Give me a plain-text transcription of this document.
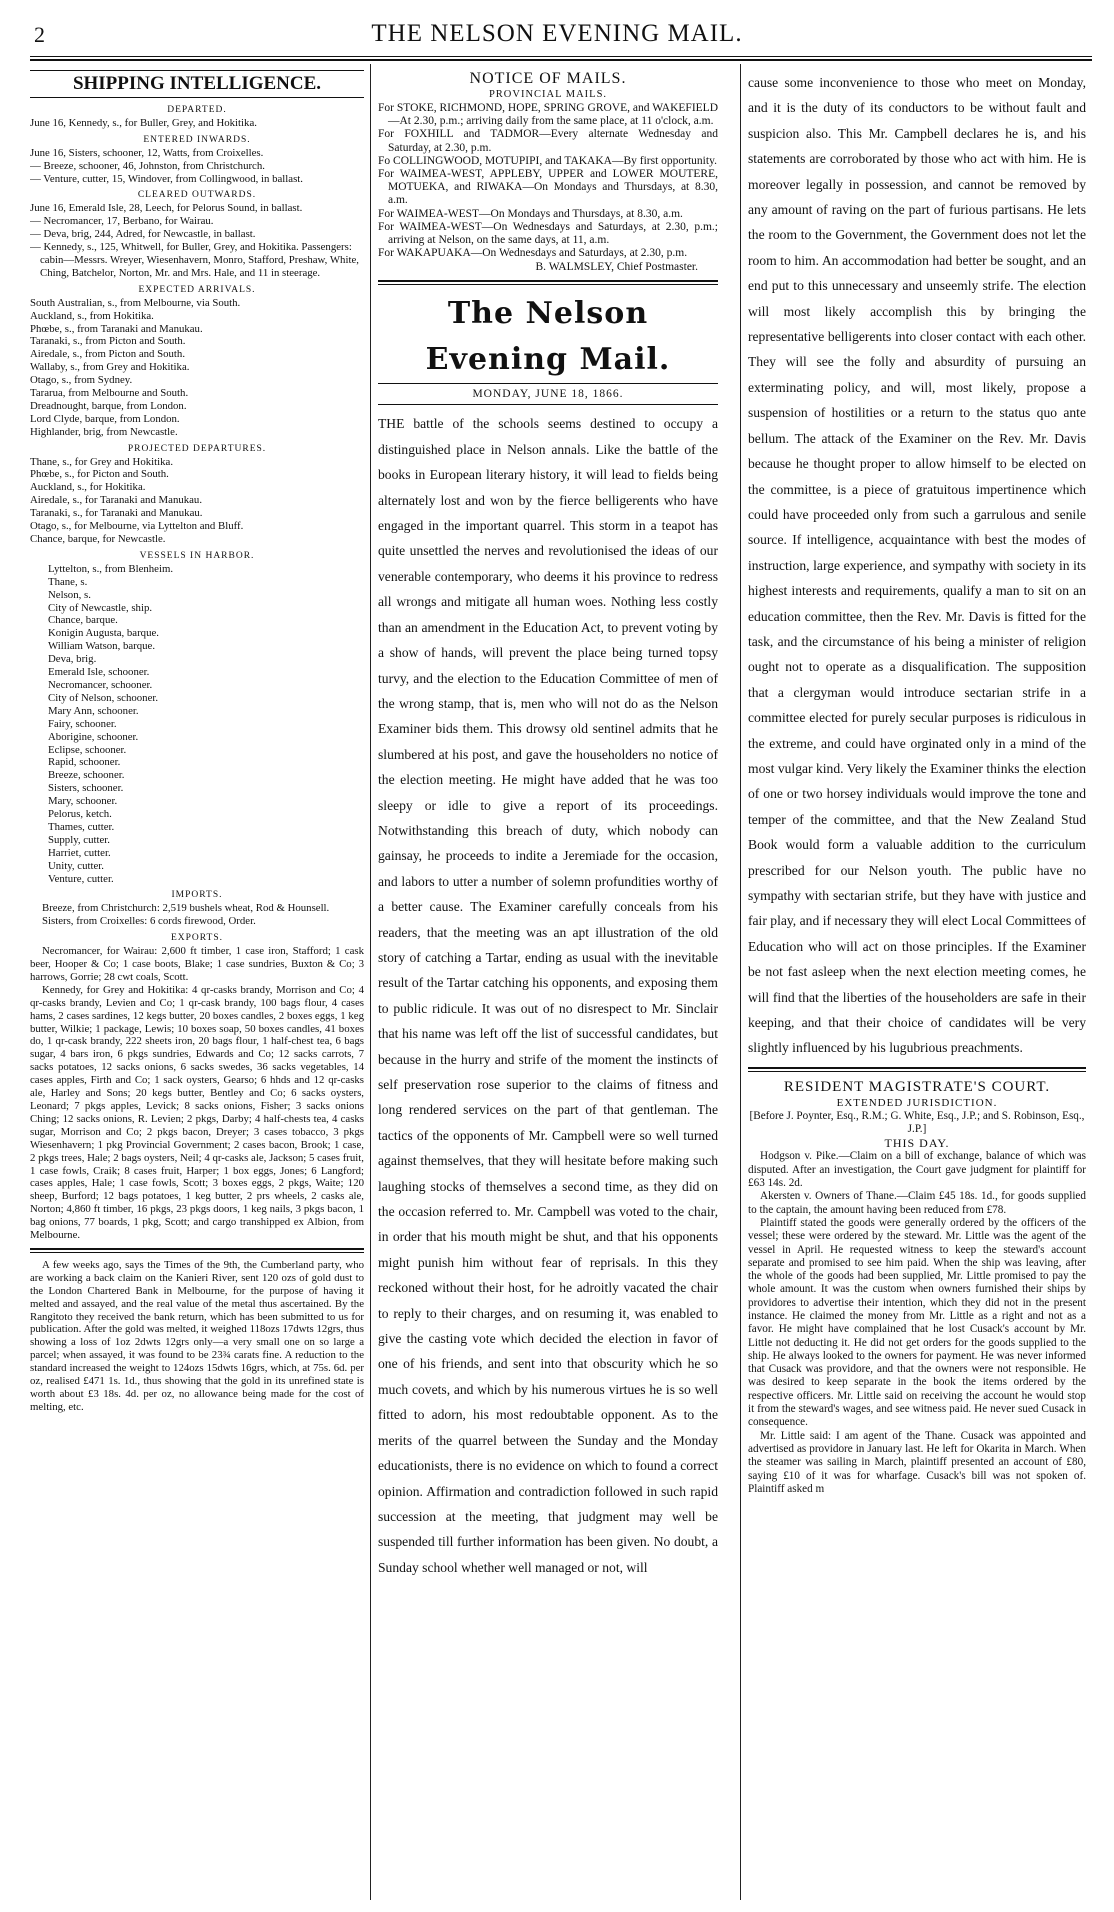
2	THE NELSON EVENING MAIL.
SHIPPING INTELLIGENCE.
DEPARTED.
June 16, Kennedy, s., for Buller, Grey, and Hokitika.
ENTERED INWARDS.
June 16, Sisters, schooner, 12, Watts, from Croixelles.
— Breeze, schooner, 46, Johnston, from Christchurch.
— Venture, cutter, 15, Windover, from Collingwood, in ballast.
CLEARED OUTWARDS.
June 16, Emerald Isle, 28, Leech, for Pelorus Sound, in ballast.
— Necromancer, 17, Berbano, for Wairau.
— Deva, brig, 244, Adred, for Newcastle, in ballast.
— Kennedy, s., 125, Whitwell, for Buller, Grey, and Hokitika. Passengers: cabin—Messrs. Wreyer, Wiesenhavern, Monro, Stafford, Preshaw, White, Ching, Batchelor, Norton, Mr. and Mrs. Hale, and 11 in steerage.
EXPECTED ARRIVALS.
South Australian, s., from Melbourne, via South.
Auckland, s., from Hokitika.
Phœbe, s., from Taranaki and Manukau.
Taranaki, s., from Picton and South.
Airedale, s., from Picton and South.
Wallaby, s., from Grey and Hokitika.
Otago, s., from Sydney.
Tararua, from Melbourne and South.
Dreadnought, barque, from London.
Lord Clyde, barque, from London.
Highlander, brig, from Newcastle.
PROJECTED DEPARTURES.
Thane, s., for Grey and Hokitika.
Phœbe, s., for Picton and South.
Auckland, s., for Hokitika.
Airedale, s., for Taranaki and Manukau.
Taranaki, s., for Taranaki and Manukau.
Otago, s., for Melbourne, via Lyttelton and Bluff.
Chance, barque, for Newcastle.
VESSELS IN HARBOR.
Lyttelton, s., from Blenheim.
Thane, s.
Nelson, s.
City of Newcastle, ship.
Chance, barque.
Konigin Augusta, barque.
William Watson, barque.
Deva, brig.
Emerald Isle, schooner.
Necromancer, schooner.
City of Nelson, schooner.
Mary Ann, schooner.
Fairy, schooner.
Aborigine, schooner.
Eclipse, schooner.
Rapid, schooner.
Breeze, schooner.
Sisters, schooner.
Mary, schooner.
Pelorus, ketch.
Thames, cutter.
Supply, cutter.
Harriet, cutter.
Unity, cutter.
Venture, cutter.
IMPORTS.
Breeze, from Christchurch: 2,519 bushels wheat, Rod & Hounsell.
Sisters, from Croixelles: 6 cords firewood, Order.
EXPORTS.
Necromancer, for Wairau: 2,600 ft timber, 1 case iron, Stafford; 1 cask beer, Hooper & Co; 1 case boots, Blake; 1 case sundries, Buxton & Co; 3 harrows, Gorrie; 28 cwt coals, Scott.
Kennedy, for Grey and Hokitika: 4 qr-casks brandy, Morrison and Co; 4 qr-casks brandy, Levien and Co; 1 qr-cask brandy, 100 bags flour, 4 cases hams, 2 cases sardines, 12 kegs butter, 20 boxes candles, 2 boxes eggs, 1 keg butter, Wilkie; 1 package, Lewis; 10 boxes soap, 50 boxes candles, 41 boxes do, 1 qr-cask brandy, 222 sheets iron, 20 bags flour, 1 half-chest tea, 6 bags sugar, 4 bars iron, 6 pkgs sundries, Edwards and Co; 12 sacks carrots, 7 sacks potatoes, 12 sacks onions, 6 sacks swedes, 36 sacks vegetables, 14 cases apples, Firth and Co; 1 sack oysters, Gearso; 6 hhds and 12 qr-casks ale, Harley and Sons; 20 kegs butter, Bentley and Co; 6 sacks oysters, Leonard; 7 pkgs apples, Levick; 8 sacks onions, Fisher; 3 sacks onions Ching; 12 sacks onions, R. Levien; 2 pkgs, Darby; 4 half-chests tea, 4 casks sugar, Morrison and Co; 2 pkgs bacon, Dreyer; 3 cases tobacco, 3 pkgs Wiesenhavern; 1 pkg Provincial Government; 2 cases bacon, Brook; 1 case, 2 pkgs trees, Hale; 2 bags oysters, Neil; 4 qr-casks ale, Jackson; 5 cases fruit, 1 case fowls, Craik; 8 cases fruit, Harper; 1 box eggs, Jones; 6 Langford; cases apples, Hale; 1 case fowls, Scott; 3 boxes eggs, 2 pkgs, Waite; 120 sheep, Burford; 12 bags potatoes, 1 keg butter, 2 prs wheels, 2 casks ale, Norton; 4,860 ft timber, 16 pkgs, 23 pkgs doors, 1 keg nails, 3 pkgs bacon, 1 bag onions, 77 boards, 1 pkg, Scott; and cargo transhipped ex Albion, from Melbourne.

A few weeks ago, says the Times of the 9th, the Cumberland party, who are working a back claim on the Kanieri River, sent 120 ozs of gold dust to the London Chartered Bank in Melbourne, for the purpose of having it melted and assayed, and the real value of the metal thus ascertained. By the Rangitoto they received the bank return, which has been submitted to us for publication. After the gold was melted, it weighed 118ozs 17dwts 12grs, thus showing a loss of 1oz 2dwts 12grs only—a very small one on so large a parcel; when assayed, it was found to be 23¾ carats fine. A reduction to the standard increased the weight to 124ozs 15dwts 16grs, which, at 75s. 6d. per oz, realised £471 1s. 1d., thus showing that the gold in its unrefined state is worth about £3 18s. 4d. per oz, no allowance being made for the cost of melting, etc.

NOTICE OF MAILS.
PROVINCIAL MAILS.
For STOKE, RICHMOND, HOPE, SPRING GROVE, and WAKEFIELD—At 2.30, p.m.; arriving daily from the same place, at 11 o'clock, a.m.
For FOXHILL and TADMOR—Every alternate Wednesday and Saturday, at 2.30, p.m.
Fo COLLINGWOOD, MOTUPIPI, and TAKAKA—By first opportunity.
For WAIMEA-WEST, APPLEBY, UPPER and LOWER MOUTERE, MOTUEKA, and RIWAKA—On Mondays and Thursdays, at 8.30, a.m.
For WAIMEA-WEST—On Mondays and Thursdays, at 8.30, a.m.
For WAIMEA-WEST—On Wednesdays and Saturdays, at 2.30, p.m.; arriving at Nelson, on the same days, at 11, a.m.
For WAKAPUAKA—On Wednesdays and Saturdays, at 2.30, p.m.
B. WALMSLEY, Chief Postmaster.
The Nelson Evening Mail.
MONDAY, JUNE 18, 1866.

THE battle of the schools seems destined to occupy a distinguished place in Nelson annals. Like the battle of the books in European literary history, it will lead to fields being alternately lost and won by the fierce belligerents who have engaged in the important quarrel. This storm in a teapot has quite unsettled the nerves and revolutionised the ideas of our venerable contemporary, who deems it his province to redress all wrongs and mitigate all human woes. Nothing less costly than an amendment in the Education Act, to prevent voting by a show of hands, will prevent the place being turned topsy turvy, and the election to the Education Committee of men of the wrong stamp, that is, men who will not do as the Nelson Examiner bids them. This drowsy old sentinel admits that he slumbered at his post, and gave the householders no notice of the election meeting. He might have added that he was too sleepy or idle to give a report of its proceedings. Notwithstanding this breach of duty, which nobody can gainsay, he proceeds to indite a Jeremiade for the occasion, and labors to utter a number of solemn profundities worthy of a better cause. The Examiner carefully conceals from his readers, that the meeting was an apt illustration of the old story of catching a Tartar, ending as usual with the inevitable result of the Tartar catching his opponents, and exposing them to public ridicule. It was out of no disrespect to Mr. Sinclair that his name was left off the list of successful candidates, but because in the hurry and strife of the moment the instincts of self preservation rose superior to the claims of fitness and long rendered services on the part of that gentleman. The tactics of the opponents of Mr. Campbell were so well turned against themselves, that they will hesitate before making such laughing stocks of themselves a second time, as they did on the occasion referred to. Mr. Campbell was voted to the chair, in order that his mouth might be shut, and that his opponents might punish him without fear of reprisals. In this they reckoned without their host, for he adroitly vacated the chair to reply to their charges, and on resuming it, was enabled to give the casting vote which decided the election in favor of one of his friends, and sent into that obscurity which he so much covets, and which by his numerous virtues he is so well fitted to adorn, his most redoubtable opponent. As to the merits of the quarrel between the Sunday and the Monday educationists, there is no evidence on which to found a correct opinion. Affirmation and contradiction followed in such rapid succession at the meeting, that judgment may well be suspended till further information has been given. No doubt, a Sunday school whether well managed or not, will

cause some inconvenience to those who meet on Monday, and it is the duty of its conductors to be without fault and suspicion also. This Mr. Campbell declares he is, and his statements are corroborated by those who act with him. He is moreover legally in possession, and cannot be removed by any amount of raving on the part of furious partisans. He lets the room to the Government, the Government does not let the room to him. An accommodation had better be sought, and an end put to this unnecessary and unseemly strife. The election will most likely accomplish this by bringing the representative belligerents into closer contact with each other. They will see the folly and absurdity of pursuing an exterminating policy, and will, most likely, propose a suspension of hostilities or a return to the status quo ante bellum. The attack of the Examiner on the Rev. Mr. Davis because he thought proper to allow himself to be elected on the committee, is a piece of gratuitous impertinence which could have proceeded only from such a garrulous and senile source. If intelligence, acquaintance with best the modes of instruction, large experience, and sympathy with society in its highest interests and requirements, qualify a man to sit on an education committee, then the Rev. Mr. Davis is fitted for the task, and the circumstance of his being a minister of religion ought not to operate as a disqualification. The supposition that a clergyman would introduce sectarian strife in a committee elected for purely secular purposes is ridiculous in the extreme, and could have orginated only in a mind of the most vulgar kind. Very likely the Examiner thinks the election of one or two horsey individuals would improve the tone and temper of the committee, and that the New Zealand Stud Book would form a valuable addition to the curriculum prescribed for our Nelson youth. The public have no sympathy with sectarian strife, but they have with justice and fair play, and if necessary they will elect Local Committees of Education who will act on those principles. If the Examiner be not fast asleep when the next election meeting comes, he will find that the liberties of the householders are safe in their keeping, and that their choice of candidates will be very slightly influenced by his lugubrious preachments.

RESIDENT MAGISTRATE'S COURT.
EXTENDED JURISDICTION.
[Before J. Poynter, Esq., R.M.; G. White, Esq., J.P.; and S. Robinson, Esq., J.P.]
THIS DAY.
Hodgson v. Pike.—Claim on a bill of exchange, balance of which was disputed. After an investigation, the Court gave judgment for plaintiff for £63 14s. 2d.
Akersten v. Owners of Thane.—Claim £45 18s. 1d., for goods supplied to the captain, the amount having been reduced from £78.
Plaintiff stated the goods were generally ordered by the officers of the vessel; these were ordered by the steward. Mr. Little was the agent of the vessel in April. He requested witness to keep the steward's account separate and promised to see him paid. When the ship was leaving, after the whole of the goods had been supplied, Mr. Little promised to pay the whole amount. It was the custom when owners furnished their ships by providores to advertise their intention, which they did not in the present instance. He claimed the money from Mr. Little as a right and not as a favor. He might have complained that he lost Cusack's account by Mr. Little not deducting it. He did not get orders for the goods supplied to the ship. He always looked to the owners for payment. He was never informed that Cusack was providore, and that the owners were not responsible. He was desired to keep separate in the book the items ordered by the respective officers. Mr. Little said on receiving the account he would stop it from the steward's wages, and see witness paid. He never sued Cusack in consequence.
Mr. Little said: I am agent of the Thane. Cusack was appointed and advertised as providore in January last. He left for Okarita in March. When the steamer was sailing in March, plaintiff presented an account of £80, saying £10 of it was for wharfage. Cusack's bill was not spoken of. Plaintiff asked m
